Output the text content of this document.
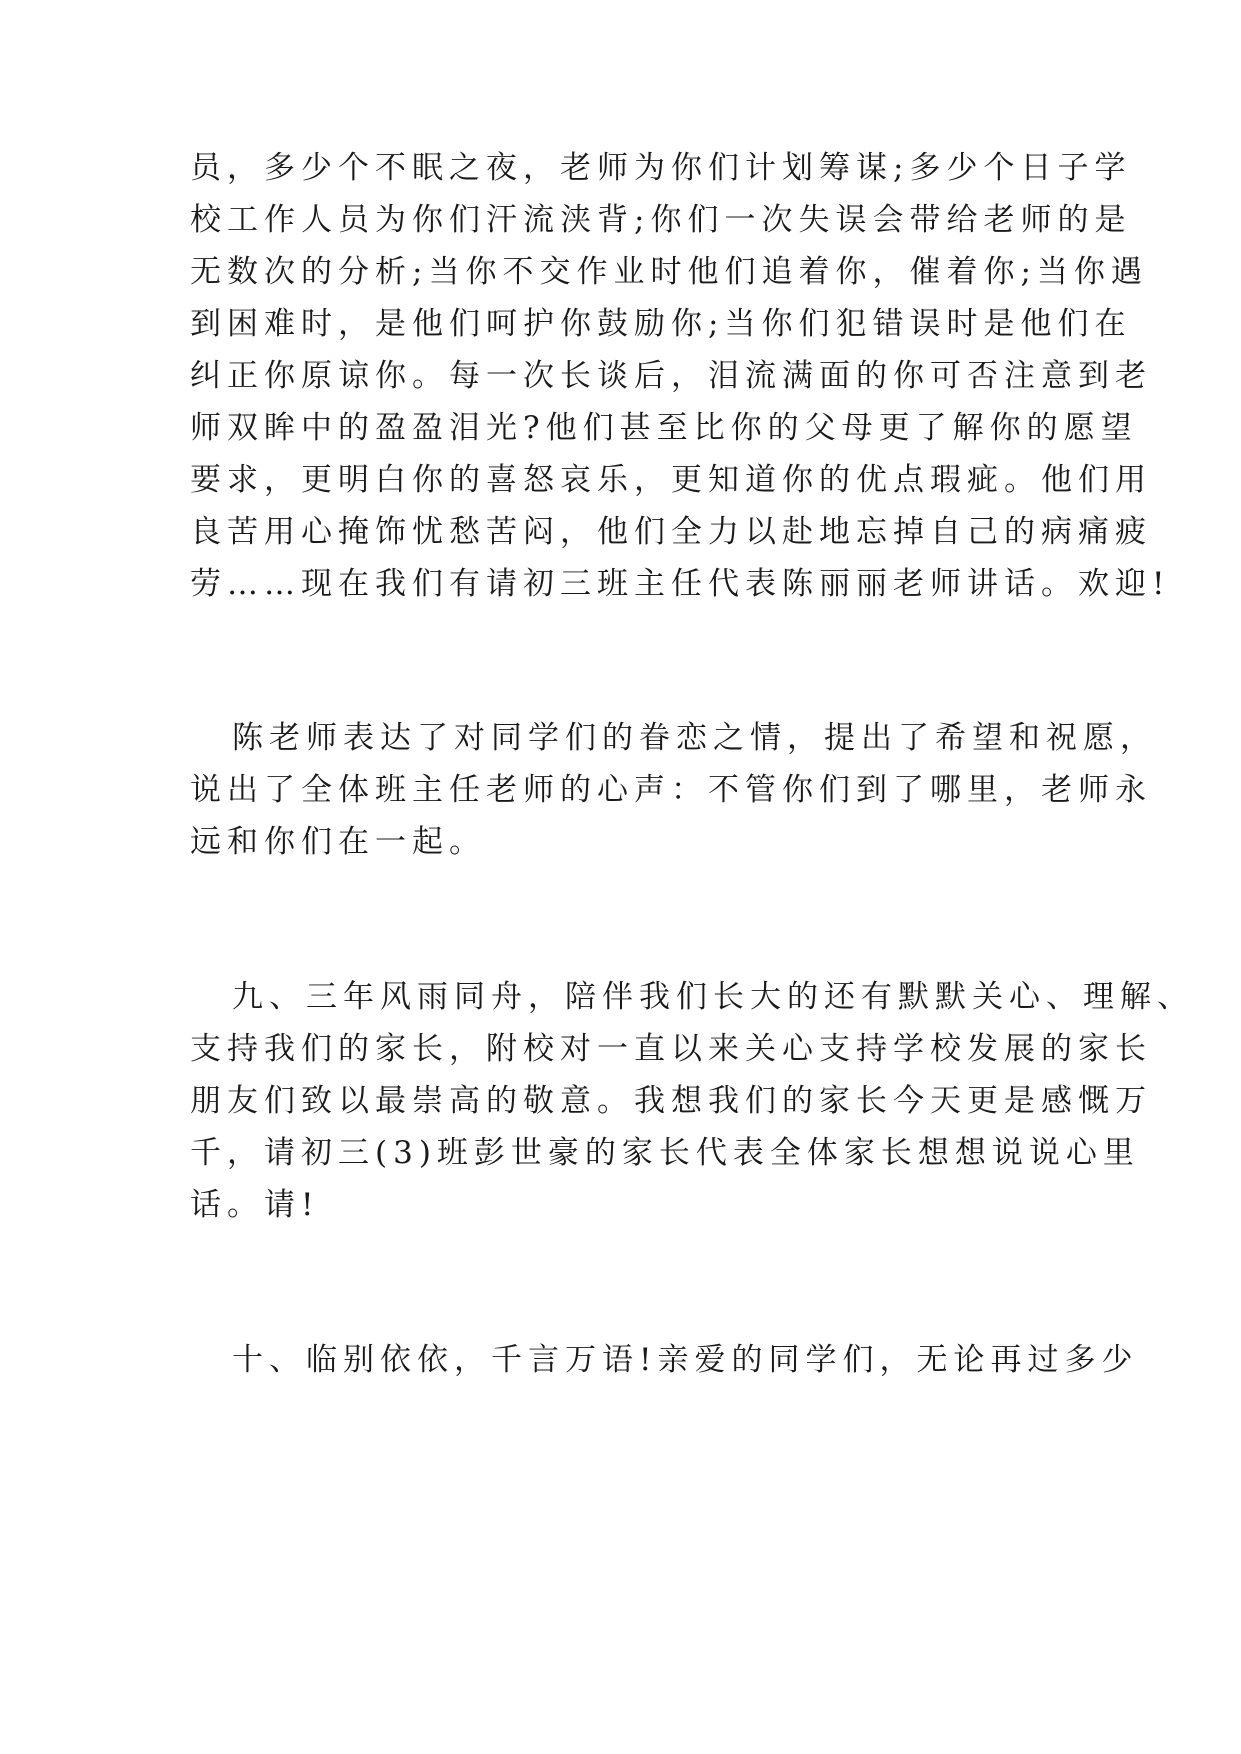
员，多少个不眠之夜，老师为你们计划筹谋;多少个日子学

校工作人员为你们汗流浃背;你们一次失误会带给老师的是

无数次的分析;当你不交作业时他们追着你，催着你;当你遇

到困难时，是他们呵护你鼓励你;当你们犯错误时是他们在

纠正你原谅你。每一次长谈后，泪流满面的你可否注意到老

师双眸中的盈盈泪光?他们甚至比你的父母更了解你的愿望

要求，更明白你的喜怒哀乐，更知道你的优点瑕疵。他们用

良苦用心掩饰忧愁苦闷，他们全力以赴地忘掉自己的病痛疲

劳……现在我们有请初三班主任代表陈丽丽老师讲话。欢迎!

陈老师表达了对同学们的眷恋之情，提出了希望和祝愿，

说出了全体班主任老师的心声：不管你们到了哪里，老师永

远和你们在一起。

九、三年风雨同舟，陪伴我们长大的还有默默关心、理解、

支持我们的家长，附校对一直以来关心支持学校发展的家长

朋友们致以最崇高的敬意。我想我们的家长今天更是感慨万

千，请初三(3)班彭世豪的家长代表全体家长想想说说心里

话。请!

十、临别依依，千言万语!亲爱的同学们，无论再过多少
